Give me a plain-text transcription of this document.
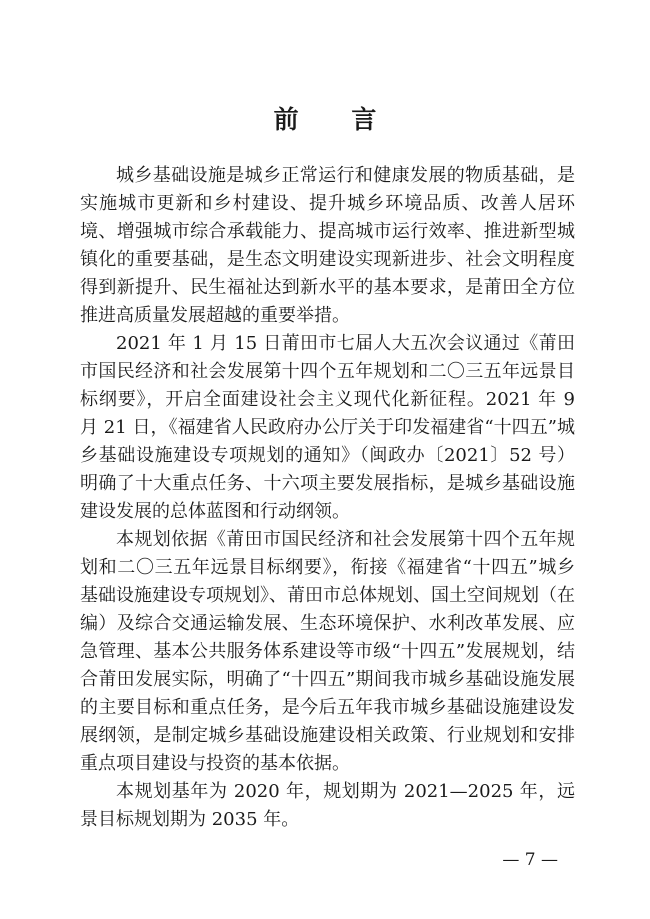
前 言

城乡基础设施是城乡正常运行和健康发展的物质基础，是实施城市更新和乡村建设、提升城乡环境品质、改善人居环境、增强城市综合承载能力、提高城市运行效率、推进新型城镇化的重要基础，是生态文明建设实现新进步、社会文明程度得到新提升、民生福祉达到新水平的基本要求，是莆田全方位推进高质量发展超越的重要举措。

2021 年 1 月 15 日莆田市七届人大五次会议通过《莆田市国民经济和社会发展第十四个五年规划和二〇三五年远景目标纲要》，开启全面建设社会主义现代化新征程。2021 年 9 月 21 日，《福建省人民政府办公厅关于印发福建省“十四五”城乡基础设施建设专项规划的通知》（闽政办〔2021〕52 号）明确了十大重点任务、十六项主要发展指标，是城乡基础设施建设发展的总体蓝图和行动纲领。

本规划依据《莆田市国民经济和社会发展第十四个五年规划和二〇三五年远景目标纲要》，衔接《福建省“十四五”城乡基础设施建设专项规划》、莆田市总体规划、国土空间规划（在编）及综合交通运输发展、生态环境保护、水利改革发展、应急管理、基本公共服务体系建设等市级“十四五”发展规划，结合莆田发展实际，明确了“十四五”期间我市城乡基础设施发展的主要目标和重点任务，是今后五年我市城乡基础设施建设发展纲领，是制定城乡基础设施建设相关政策、行业规划和安排重点项目建设与投资的基本依据。

本规划基年为 2020 年，规划期为 2021—2025 年，远景目标规划期为 2035 年。

— 7 —
